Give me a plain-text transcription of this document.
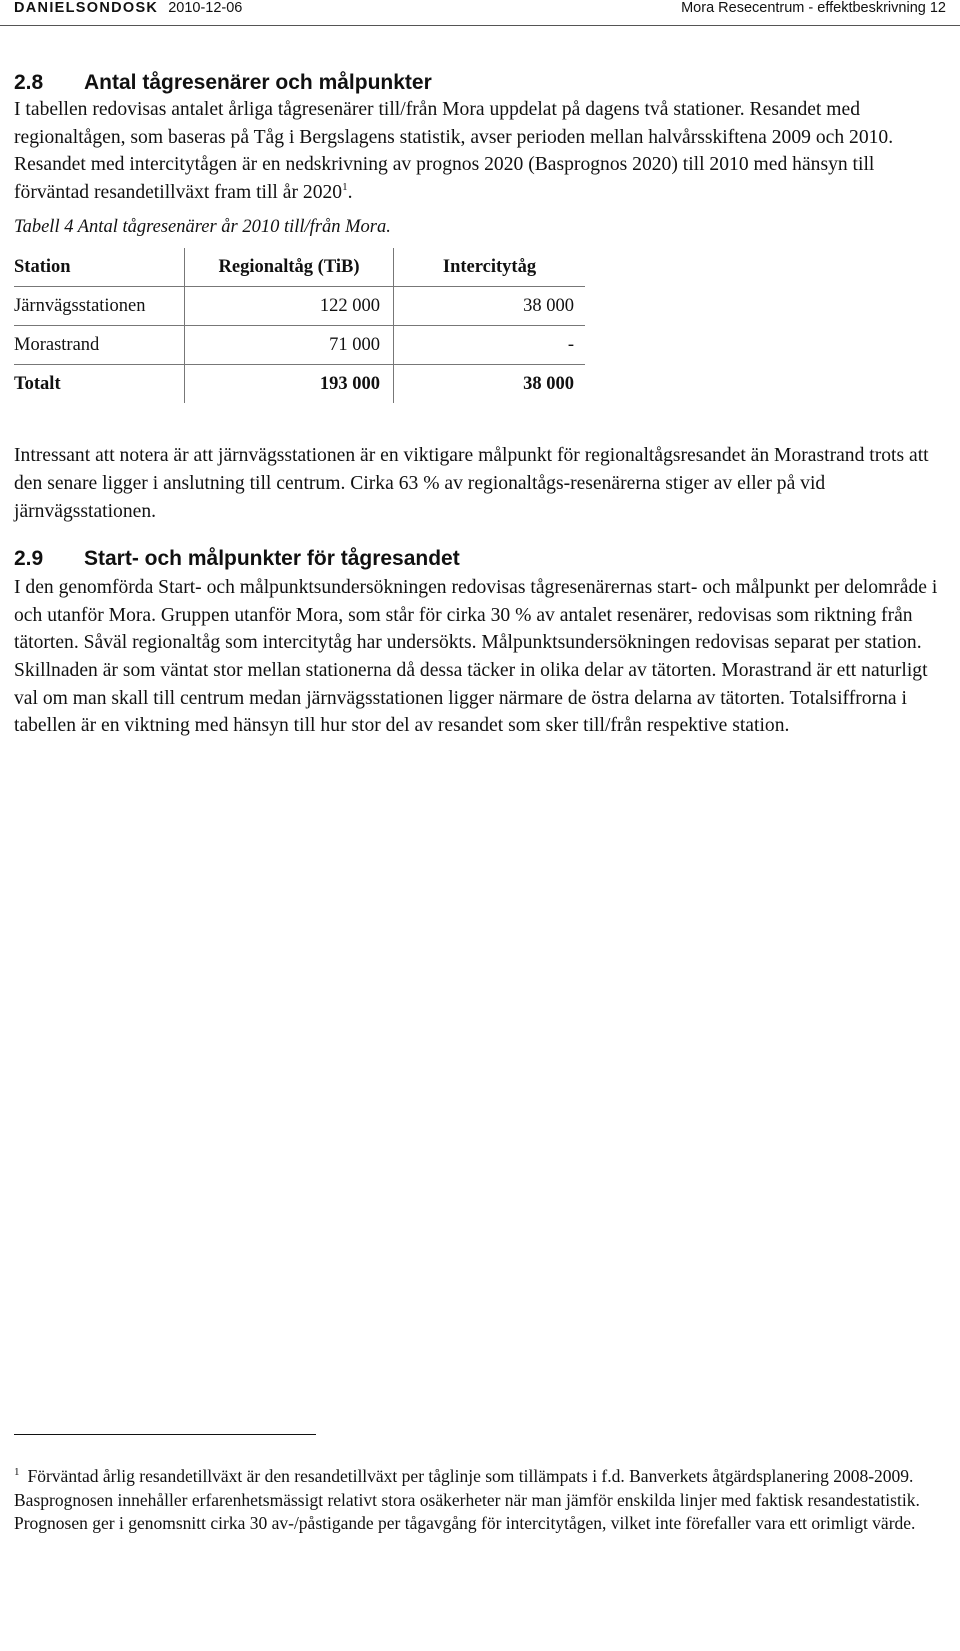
DANIELSONDOSK 2010-12-06	Mora Resecentrum - effektbeskrivning 12
2.8 Antal tågresenärer och målpunkter

I tabellen redovisas antalet årliga tågresenärer till/från Mora uppdelat på dagens två stationer. Resandet med regionaltågen, som baseras på Tåg i Bergslagens statistik, avser perioden mellan halvårsskiftena 2009 och 2010. Resandet med intercitytågen är en nedskrivning av prognos 2020 (Basprognos 2020) till 2010 med hänsyn till förväntad resandetillväxt fram till år 2020$^1$.

Tabell 4 Antal tågresenärer år 2010 till/från Mora.
Station	Regionaltåg (TiB)	Intercitytåg
Järnvägsstationen	122 000	38 000
Morastrand	71 000	-
Totalt	193 000	38 000

Intressant att notera är att järnvägsstationen är en viktigare målpunkt för regionaltågsresandet än Morastrand trots att den senare ligger i anslutning till centrum. Cirka 63 % av regionaltågs-resenärerna stiger av eller på vid järnvägsstationen.

2.9 Start- och målpunkter för tågresandet

I den genomförda Start- och målpunktsundersökningen redovisas tågresenärernas start- och målpunkt per delområde i och utanför Mora. Gruppen utanför Mora, som står för cirka 30 % av antalet resenärer, redovisas som riktning från tätorten. Såväl regionaltåg som intercitytåg har undersökts. Målpunktsundersökningen redovisas separat per station. Skillnaden är som väntat stor mellan stationerna då dessa täcker in olika delar av tätorten. Morastrand är ett naturligt val om man skall till centrum medan järnvägsstationen ligger närmare de östra delarna av tätorten. Totalsiffrorna i tabellen är en viktning med hänsyn till hur stor del av resandet som sker till/från respektive station.

$^1$ Förväntad årlig resandetillväxt är den resandetillväxt per tåglinje som tillämpats i f.d. Banverkets åtgärdsplanering 2008-2009. Basprognosen innehåller erfarenhetsmässigt relativt stora osäkerheter när man jämför enskilda linjer med faktisk resandestatistik. Prognosen ger i genomsnitt cirka 30 av-/påstigande per tågavgång för intercitytågen, vilket inte förefaller vara ett orimligt värde.
